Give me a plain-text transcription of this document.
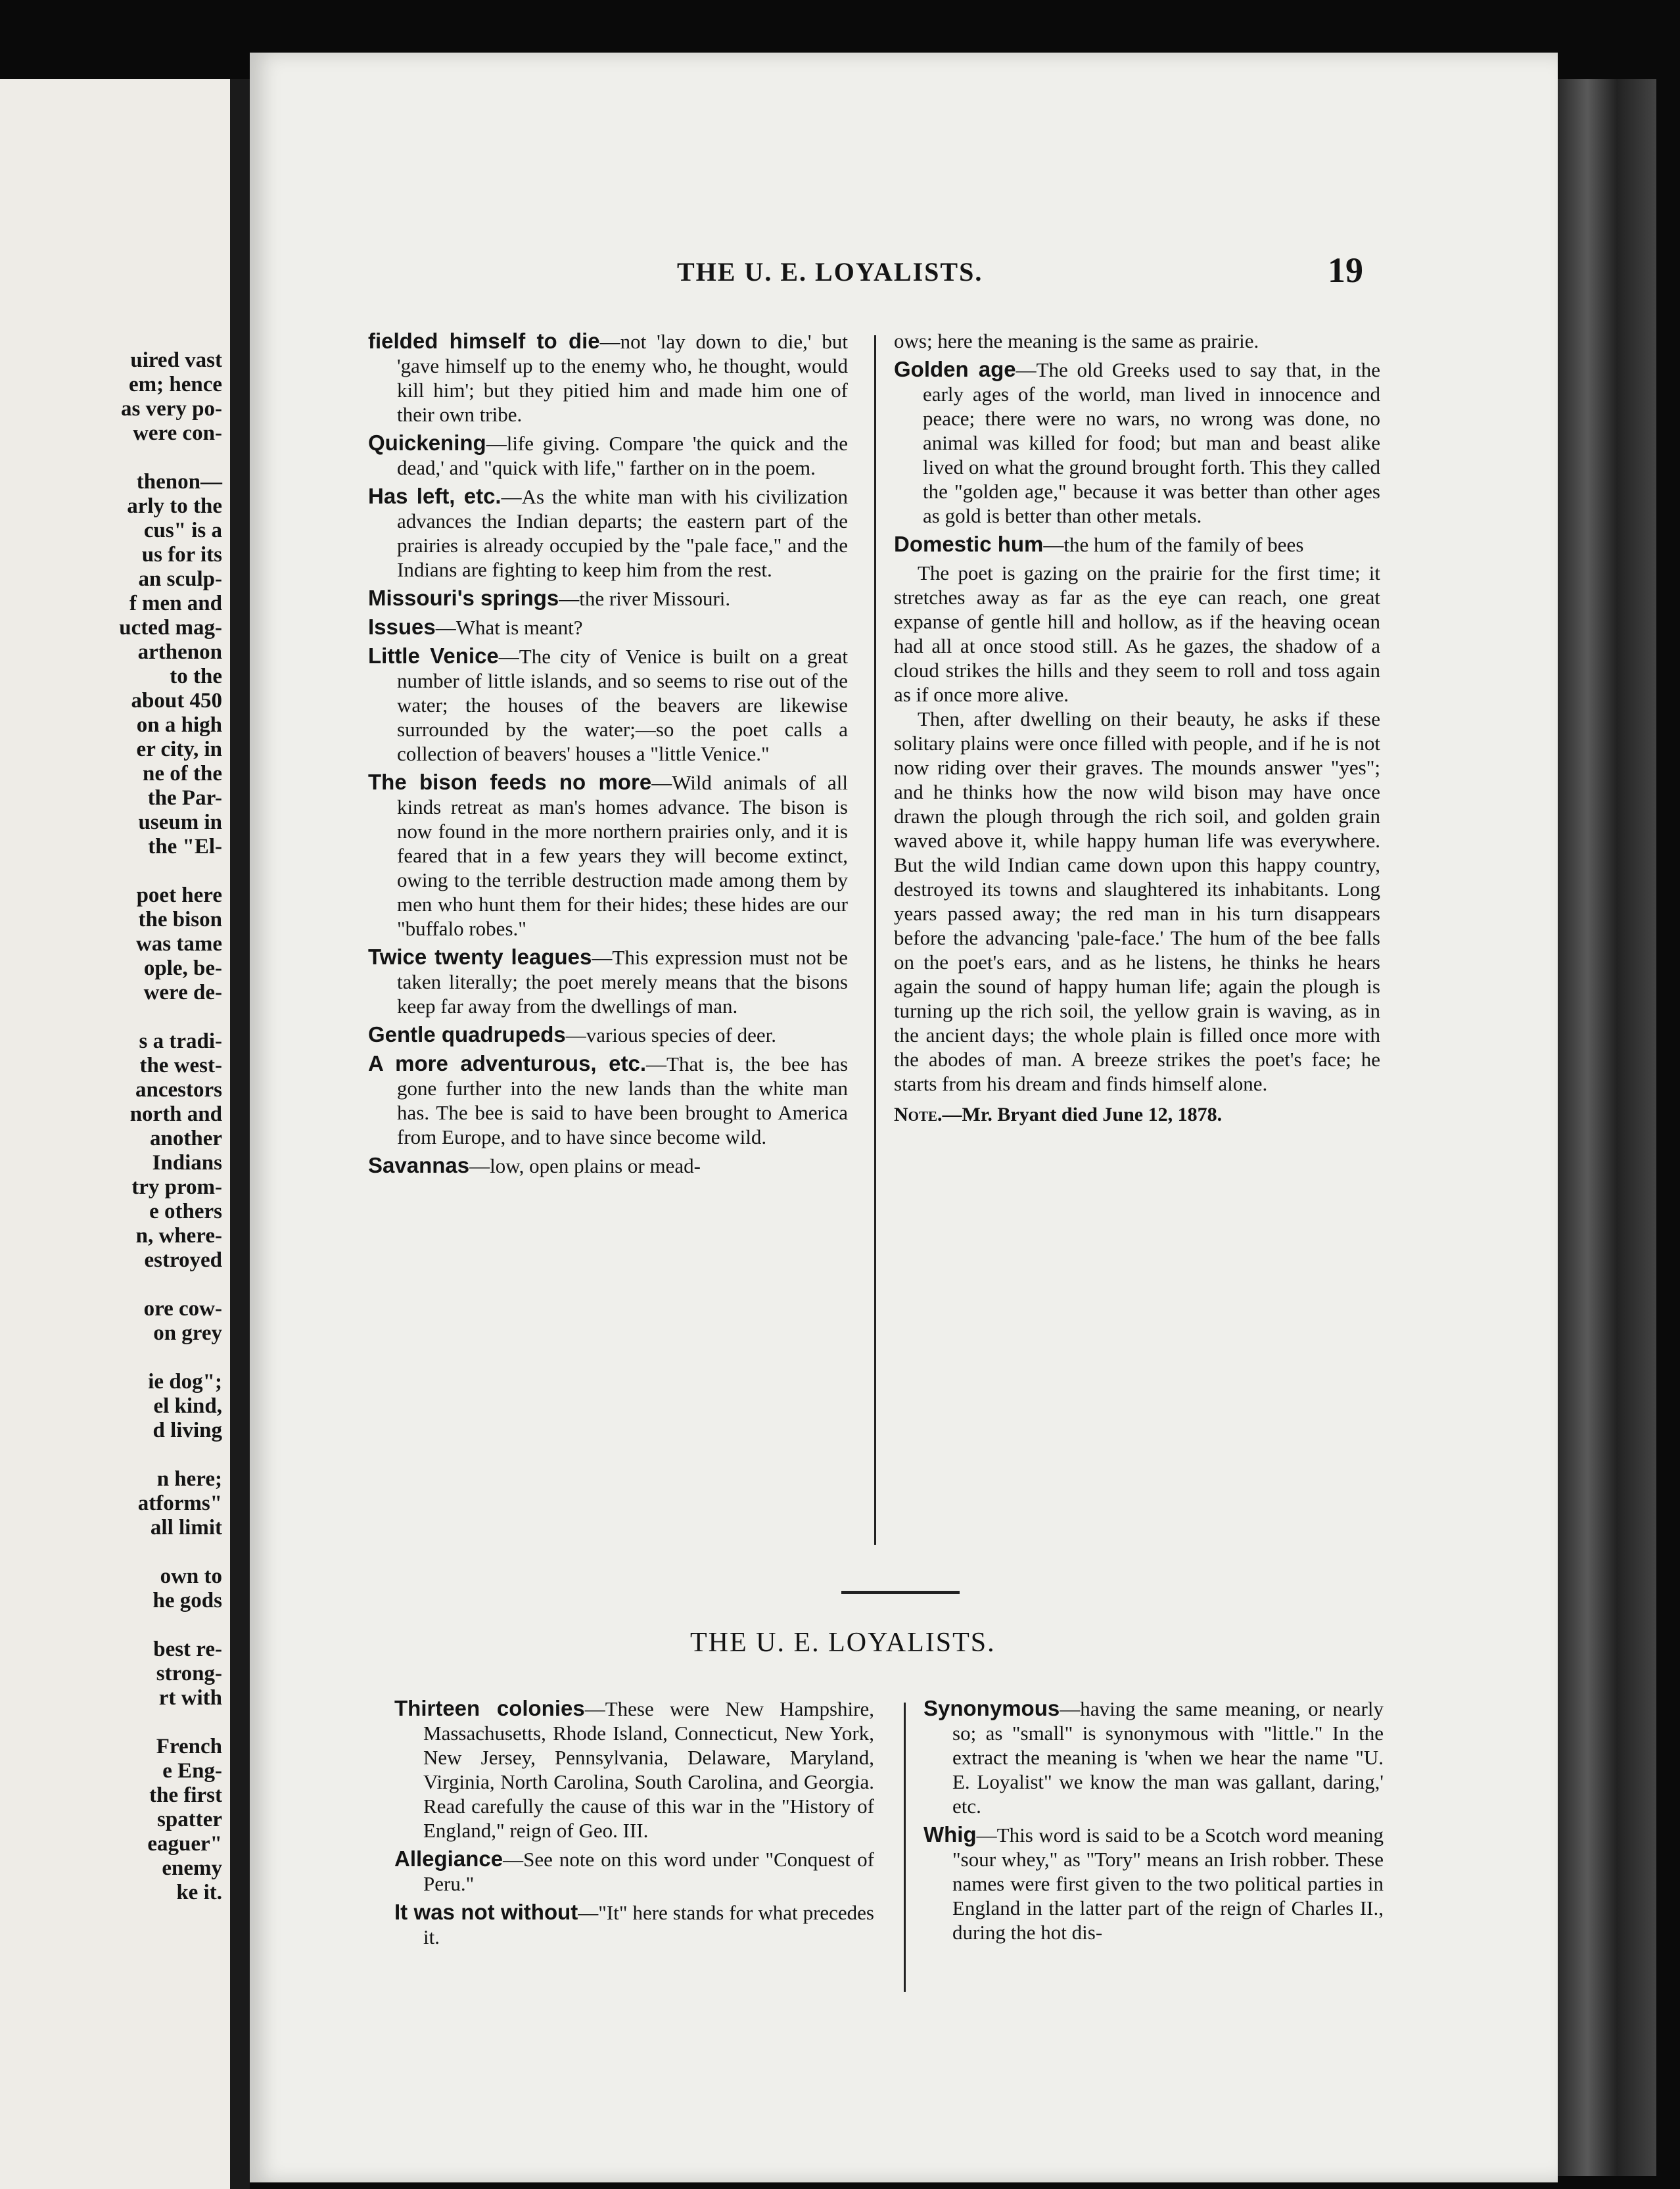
uired vast
em; hence
as very po-
were con-
thenon—
arly to the
cus" is a
us for its
an sculp-
f men and
ucted mag-
arthenon
to the
about 450
on a high
er city, in
ne of the
the Par-
useum in
the "El-
poet here
the bison
was tame
ople, be-
were de-
s a tradi-
the west-
ancestors
north and
another
Indians
try prom-
e others
n, where-
estroyed
ore cow-
on grey
ie dog";
el kind,
d living
n here;
atforms"
all limit
own to
he gods
best re-
strong-
rt with
French
e Eng-
the first
spatter
eaguer"
enemy
ke it.
THE U. E. LOYALISTS.	19

fielded himself to die—not 'lay down to die,' but 'gave himself up to the enemy who, he thought, would kill him'; but they pitied him and made him one of their own tribe.

Quickening—life giving. Compare 'the quick and the dead,' and "quick with life," farther on in the poem.

Has left, etc.—As the white man with his civilization advances the Indian departs; the eastern part of the prairies is already occupied by the "pale face," and the Indians are fighting to keep him from the rest.

Missouri's springs—the river Missouri.

Issues—What is meant?

Little Venice—The city of Venice is built on a great number of little islands, and so seems to rise out of the water; the houses of the beavers are likewise surrounded by the water;—so the poet calls a collection of beavers' houses a "little Venice."

The bison feeds no more—Wild animals of all kinds retreat as man's homes advance. The bison is now found in the more northern prairies only, and it is feared that in a few years they will become extinct, owing to the terrible destruction made among them by men who hunt them for their hides; these hides are our "buffalo robes."

Twice twenty leagues—This expression must not be taken literally; the poet merely means that the bisons keep far away from the dwellings of man.

Gentle quadrupeds—various species of deer.

A more adventurous, etc.—That is, the bee has gone further into the new lands than the white man has. The bee is said to have been brought to America from Europe, and to have since become wild.

Savannas—low, open plains or mead-

ows; here the meaning is the same as prairie.

Golden age—The old Greeks used to say that, in the early ages of the world, man lived in innocence and peace; there were no wars, no wrong was done, no animal was killed for food; but man and beast alike lived on what the ground brought forth. This they called the "golden age," because it was better than other ages as gold is better than other metals.

Domestic hum—the hum of the family of bees

The poet is gazing on the prairie for the first time; it stretches away as far as the eye can reach, one great expanse of gentle hill and hollow, as if the heaving ocean had all at once stood still. As he gazes, the shadow of a cloud strikes the hills and they seem to roll and toss again as if once more alive.

Then, after dwelling on their beauty, he asks if these solitary plains were once filled with people, and if he is not now riding over their graves. The mounds answer "yes"; and he thinks how the now wild bison may have once drawn the plough through the rich soil, and golden grain waved above it, while happy human life was everywhere. But the wild Indian came down upon this happy country, destroyed its towns and slaughtered its inhabitants. Long years passed away; the red man in his turn disappears before the advancing 'pale-face.' The hum of the bee falls on the poet's ears, and as he listens, he thinks he hears again the sound of happy human life; again the plough is turning up the rich soil, the yellow grain is waving, as in the ancient days; the whole plain is filled once more with the abodes of man. A breeze strikes the poet's face; he starts from his dream and finds himself alone.

Note.—Mr. Bryant died June 12, 1878.

THE U. E. LOYALISTS.

Thirteen colonies—These were New Hampshire, Massachusetts, Rhode Island, Connecticut, New York, New Jersey, Pennsylvania, Delaware, Maryland, Virginia, North Carolina, South Carolina, and Georgia. Read carefully the cause of this war in the "History of England," reign of Geo. III.

Allegiance—See note on this word under "Conquest of Peru."

It was not without—"It" here stands for what precedes it.

Synonymous—having the same meaning, or nearly so; as "small" is synonymous with "little." In the extract the meaning is 'when we hear the name "U. E. Loyalist" we know the man was gallant, daring,' etc.

Whig—This word is said to be a Scotch word meaning "sour whey," as "Tory" means an Irish robber. These names were first given to the two political parties in England in the latter part of the reign of Charles II., during the hot dis-
